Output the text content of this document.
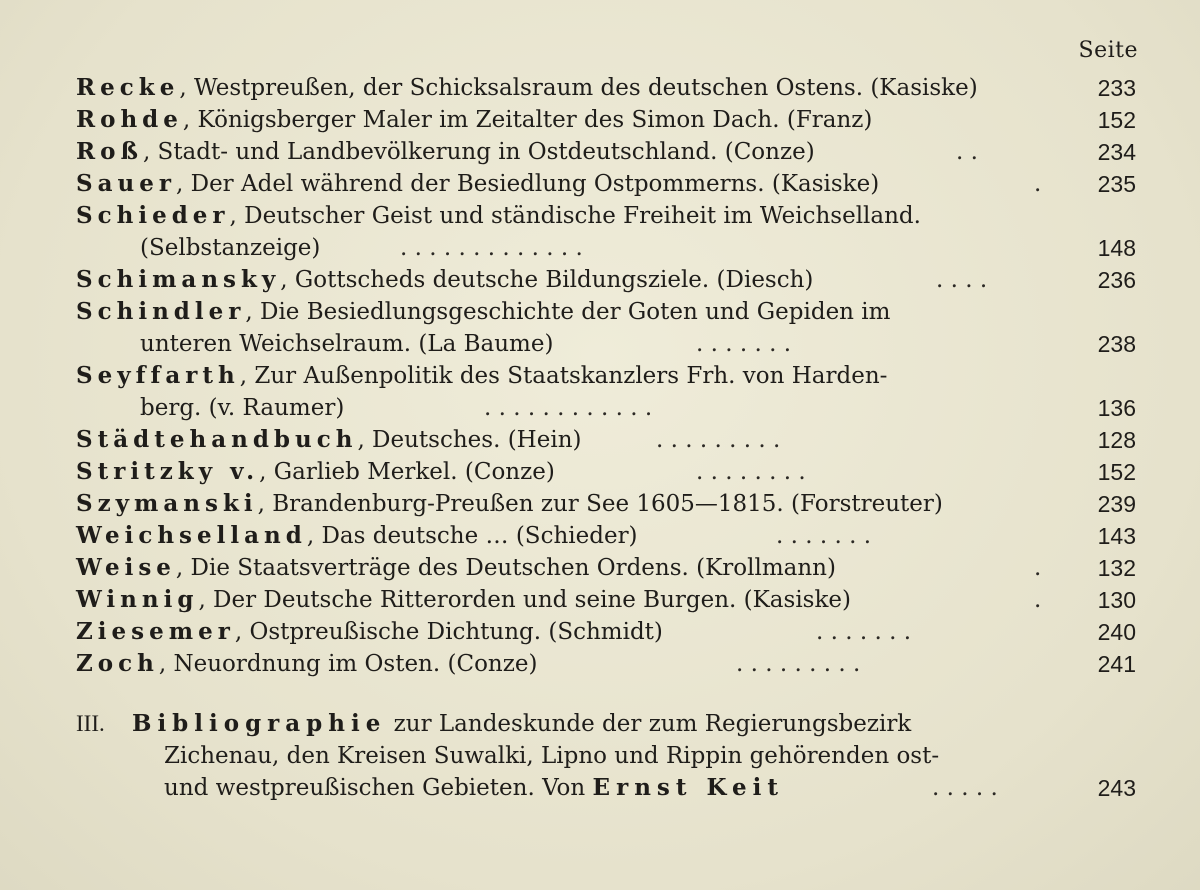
Seite
Recke, Westpreußen, der Schicksalsraum des deutschen Ostens. (Kasiske)	233
Rohde, Königsberger Maler im Zeitalter des Simon Dach. (Franz)	152
Roß, Stadt- und Landbevölkerung in Ostdeutschland. (Conze)	. .	234
Sauer, Der Adel während der Besiedlung Ostpommerns. (Kasiske)	.	235
Schieder, Deutscher Geist und ständische Freiheit im Weichselland.
(Selbstanzeige)	. . . . . . . . . . . . .	148
Schimansky, Gottscheds deutsche Bildungsziele. (Diesch)	. . . .	236
Schindler, Die Besiedlungsgeschichte der Goten und Gepiden im
unteren Weichselraum. (La Baume)	. . . . . . .	238
Seyffarth, Zur Außenpolitik des Staatskanzlers Frh. von Harden-
berg. (v. Raumer)	. . . . . . . . . . . .	136
Städtehandbuch, Deutsches. (Hein)	. . . . . . . . .	128
Stritzky v., Garlieb Merkel. (Conze)	. . . . . . . .	152
Szymanski, Brandenburg-Preußen zur See 1605—1815. (Forstreuter)	239
Weichselland, Das deutsche … (Schieder)	. . . . . . .	143
Weise, Die Staatsverträge des Deutschen Ordens. (Krollmann)	.	132
Winnig, Der Deutsche Ritterorden und seine Burgen. (Kasiske)	.	130
Ziesemer, Ostpreußische Dichtung. (Schmidt)	. . . . . . .	240
Zoch, Neuordnung im Osten. (Conze)	. . . . . . . . .	241
III. Bibliographie zur Landeskunde der zum Regierungsbezirk
Zichenau, den Kreisen Suwalki, Lipno und Rippin gehörenden ost-
und westpreußischen Gebieten. Von Ernst Keit	. . . . .	243
